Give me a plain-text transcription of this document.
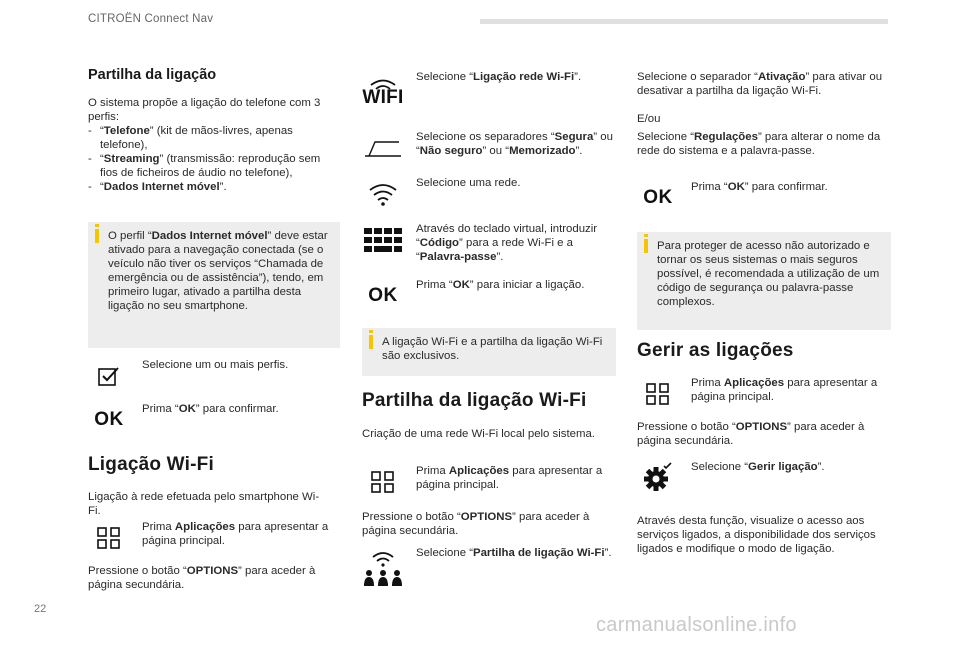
CITROËN Connect Nav
22
carmanualsonline.info
Partilha da ligação

O sistema propõe a ligação do telefone com 3 perfis:

- “Telefone” (kit de mãos-livres, apenas telefone),
- “Streaming” (transmissão: reprodução sem fios de ficheiros de áudio no telefone),
- “Dados Internet móvel”.

O perfil “Dados Internet móvel” deve estar ativado para a navegação conectada (se o veículo não tiver os serviços “Chamada de emergência ou de assistência”), tendo, em primeiro lugar, ativado a partilha desta ligação no seu smartphone.

Selecione um ou mais perfis.
OK Prima “OK” para confirmar.
Ligação Wi-Fi

Ligação à rede efetuada pelo smartphone Wi-Fi.

Prima Aplicações para apresentar a página principal.

Pressione o botão “OPTIONS” para aceder à página secundária.

WIFI
Selecione “Ligação rede Wi-Fi”.
Selecione os separadores “Segura” ou “Não seguro” ou “Memorizado”.
Selecione uma rede.
Através do teclado virtual, introduzir “Código” para a rede Wi-Fi e a “Palavra-passe”.
OK Prima “OK” para iniciar a ligação.

A ligação Wi-Fi e a partilha da ligação Wi-Fi são exclusivos.

Partilha da ligação Wi-Fi

Criação de uma rede Wi-Fi local pelo sistema.

Prima Aplicações para apresentar a página principal.

Pressione o botão “OPTIONS” para aceder à página secundária.

Selecione “Partilha de ligação Wi-Fi”.

Selecione o separador “Ativação” para ativar ou desativar a partilha da ligação Wi-Fi.

E/ou

Selecione “Regulações” para alterar o nome da rede do sistema e a palavra-passe.

OK Prima “OK” para confirmar.

Para proteger de acesso não autorizado e tornar os seus sistemas o mais seguros possível, é recomendada a utilização de um código de segurança ou palavra-passe complexos.

Gerir as ligações
Prima Aplicações para apresentar a página principal.

Pressione o botão “OPTIONS” para aceder à página secundária.

Selecione “Gerir ligação”.

Através desta função, visualize o acesso aos serviços ligados, a disponibilidade dos serviços ligados e modifique o modo de ligação.
